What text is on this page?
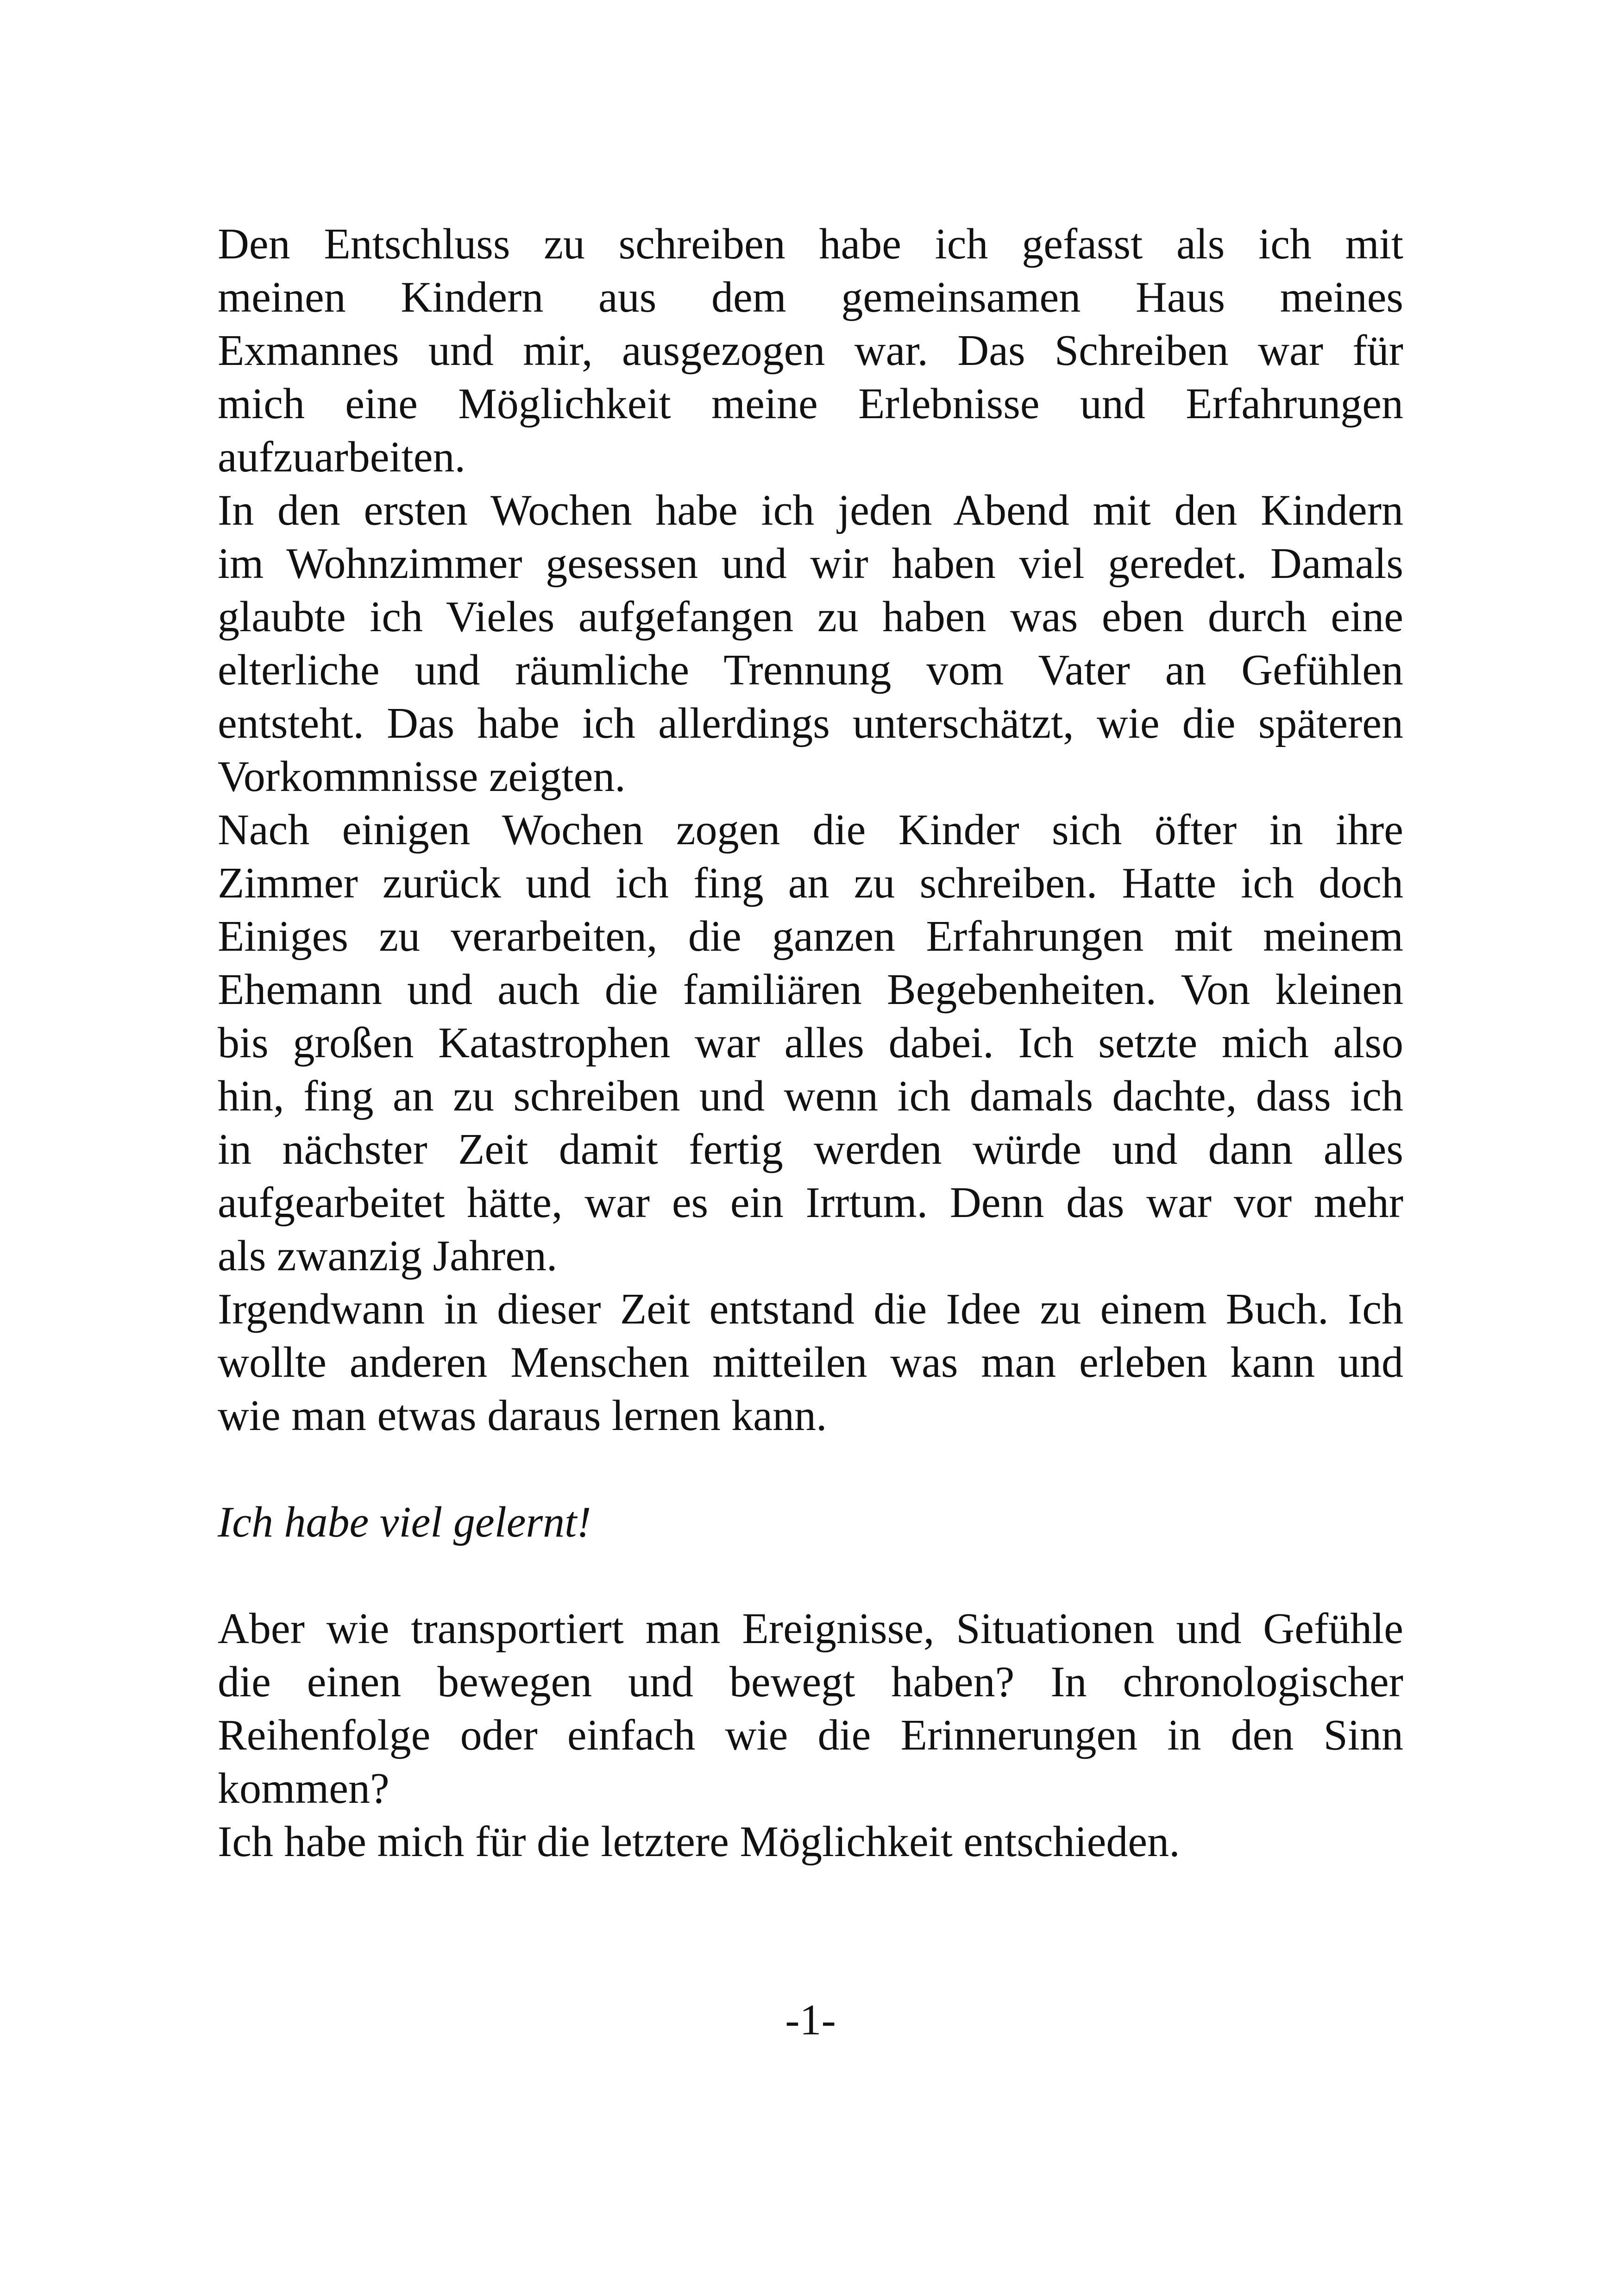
Den Entschluss zu schreiben habe ich gefasst als ich mit
meinen Kindern aus dem gemeinsamen Haus meines
Exmannes und mir, ausgezogen war. Das Schreiben war für
mich eine Möglichkeit meine Erlebnisse und Erfahrungen
aufzuarbeiten.
In den ersten Wochen habe ich jeden Abend mit den Kindern
im Wohnzimmer gesessen und wir haben viel geredet. Damals
glaubte ich Vieles aufgefangen zu haben was eben durch eine
elterliche und räumliche Trennung vom Vater an Gefühlen
entsteht. Das habe ich allerdings unterschätzt, wie die späteren
Vorkommnisse zeigten.
Nach einigen Wochen zogen die Kinder sich öfter in ihre
Zimmer zurück und ich fing an zu schreiben. Hatte ich doch
Einiges zu verarbeiten, die ganzen Erfahrungen mit meinem
Ehemann und auch die familiären Begebenheiten. Von kleinen
bis großen Katastrophen war alles dabei. Ich setzte mich also
hin, fing an zu schreiben und wenn ich damals dachte, dass ich
in nächster Zeit damit fertig werden würde und dann alles
aufgearbeitet hätte, war es ein Irrtum. Denn das war vor mehr
als zwanzig Jahren.
Irgendwann in dieser Zeit entstand die Idee zu einem Buch. Ich
wollte anderen Menschen mitteilen was man erleben kann und
wie man etwas daraus lernen kann.
Ich habe viel gelernt!
Aber wie transportiert man Ereignisse, Situationen und Gefühle
die einen bewegen und bewegt haben? In chronologischer
Reihenfolge oder einfach wie die Erinnerungen in den Sinn
kommen?
Ich habe mich für die letztere Möglichkeit entschieden.
-1-
